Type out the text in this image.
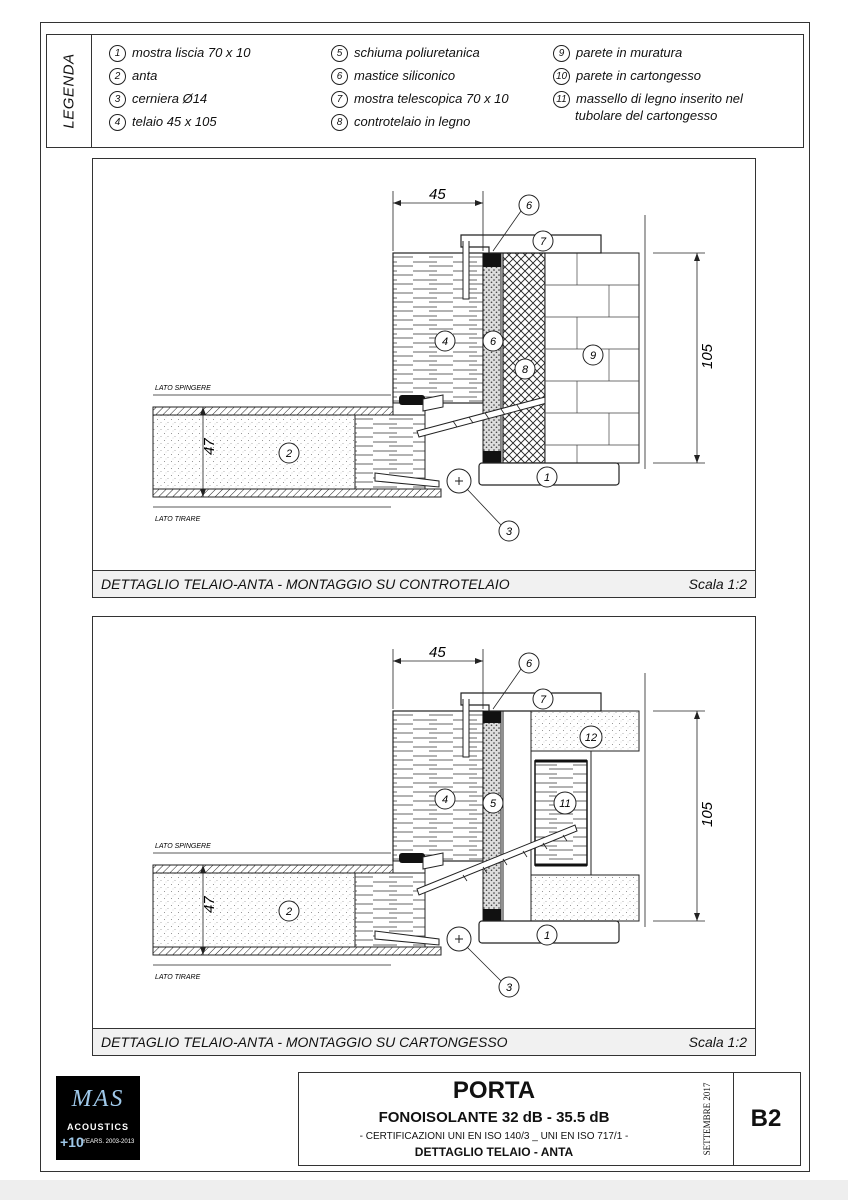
LEGENDA	1 mostra liscia 70 x 10
2 anta
3 cerniera Ø14
4 telaio 45 x 105
5 schiuma poliuretanica
6 mastice siliconico
7 mostra telescopica 70 x 10
8 controtelaio in legno
9 parete in muratura
10 parete in cartongesso
11 massello di legno inserito nel
tubolare del cartongesso
LATO SPINGERE
LATO TIRARE
47
45
105
7
6
4	6
8
9
2
1
3
DETTAGLIO TELAIO-ANTA - MONTAGGIO SU CONTROTELAIO	Scala 1:2
LATO SPINGERE
LATO TIRARE
47
45
105
7
6
4	5
12
11
2
1
3
DETTAGLIO TELAIO-ANTA - MONTAGGIO SU CARTONGESSO	Scala 1:2
MAS
ACOUSTICS
+10
YEARS. 2003-2013
PORTA
FONOISOLANTE 32 dB - 35.5 dB
- CERTIFICAZIONI UNI EN ISO 140/3 _ UNI EN ISO 717/1 -
DETTAGLIO TELAIO - ANTA	SETTEMBRE 2017	B2
